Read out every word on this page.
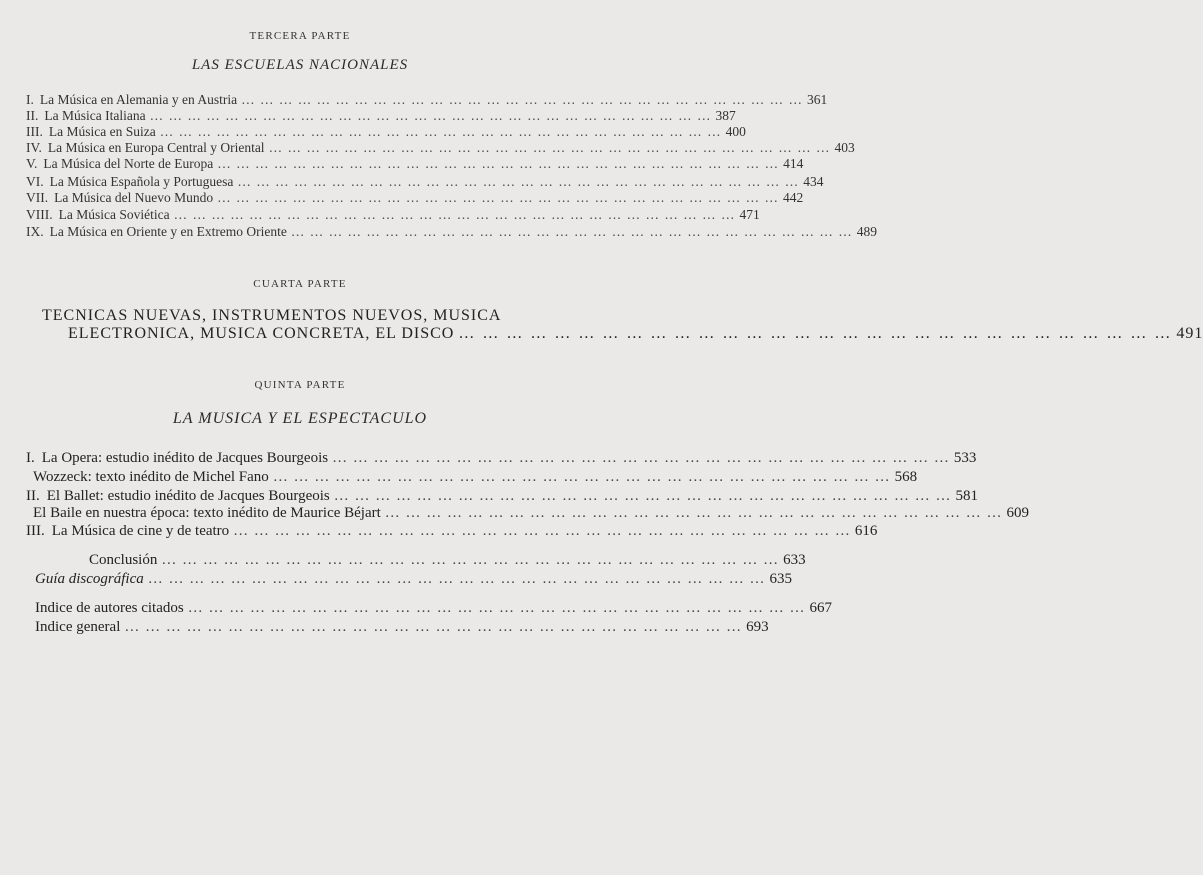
TERCERA PARTE
LAS ESCUELAS NACIONALES
I. La Música en Alemania y en Austria … … … … … … … … … … … … … … … … … … … … … … … … … … … … … … 361
II. La Música Italiana … … … … … … … … … … … … … … … … … … … … … … … … … … … … … … 387
III. La Música en Suiza … … … … … … … … … … … … … … … … … … … … … … … … … … … … … … 400
IV. La Música en Europa Central y Oriental … … … … … … … … … … … … … … … … … … … … … … … … … … … … … … 403
V. La Música del Norte de Europa … … … … … … … … … … … … … … … … … … … … … … … … … … … … … … 414
VI. La Música Española y Portuguesa … … … … … … … … … … … … … … … … … … … … … … … … … … … … … … 434
VII. La Música del Nuevo Mundo … … … … … … … … … … … … … … … … … … … … … … … … … … … … … … 442
VIII. La Música Soviética … … … … … … … … … … … … … … … … … … … … … … … … … … … … … … 471
IX. La Música en Oriente y en Extremo Oriente … … … … … … … … … … … … … … … … … … … … … … … … … … … … … … 489
CUARTA PARTE
TECNICAS NUEVAS, INSTRUMENTOS NUEVOS, MUSICA
ELECTRONICA, MUSICA CONCRETA, EL DISCO … … … … … … … … … … … … … … … … … … … … … … … … … … … … … … 491
QUINTA PARTE
LA MUSICA Y EL ESPECTACULO
I. La Opera: estudio inédito de Jacques Bourgeois … … … … … … … … … … … … … … … … … … … … … … … … … … … … … … 533
Wozzeck: texto inédito de Michel Fano … … … … … … … … … … … … … … … … … … … … … … … … … … … … … … 568
II. El Ballet: estudio inédito de Jacques Bourgeois … … … … … … … … … … … … … … … … … … … … … … … … … … … … … … 581
El Baile en nuestra época: texto inédito de Maurice Béjart … … … … … … … … … … … … … … … … … … … … … … … … … … … … … … 609
III. La Música de cine y de teatro … … … … … … … … … … … … … … … … … … … … … … … … … … … … … … 616
Conclusión … … … … … … … … … … … … … … … … … … … … … … … … … … … … … … 633
Guía discográfica … … … … … … … … … … … … … … … … … … … … … … … … … … … … … … 635
Indice de autores citados … … … … … … … … … … … … … … … … … … … … … … … … … … … … … … 667
Indice general … … … … … … … … … … … … … … … … … … … … … … … … … … … … … … 693
